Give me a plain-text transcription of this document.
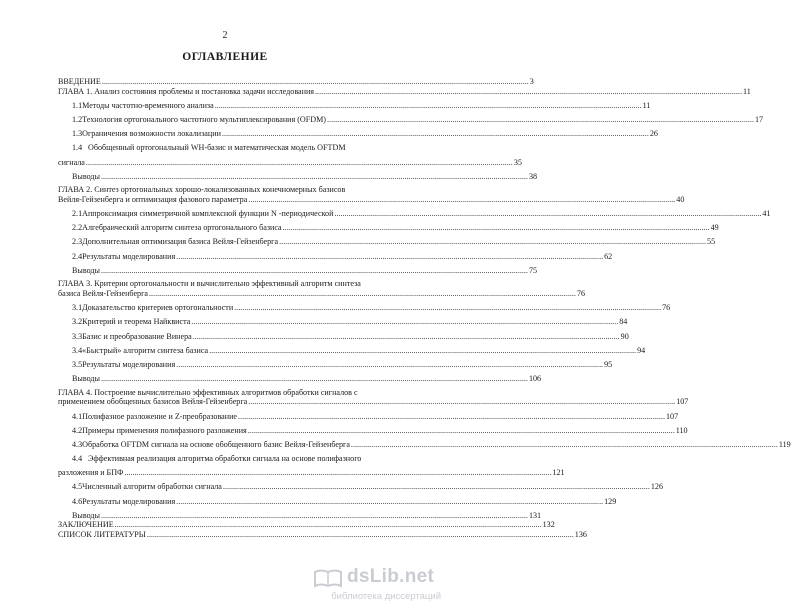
2
ОГЛАВЛЕНИЕ
ВВЕДЕНИЕ .....	3
ГЛАВА 1. Анализ состояния проблемы и постановка задачи исследования .....	11
1.1 Методы частотно-временного анализа .....	11
1.2 Технология ортогонального частотного мультиплексирования (OFDM) .....	17
1.3 Ограничения возможности локализации .....	26
1.4 Обобщенный ортогональный WH-базис и математическая модель OFTDM
сигнала .....	35
Выводы .....	38
ГЛАВА 2. Синтез ортогональных хорошо-локализованных конечномерных базисов
Вейля-Гейзенберга и оптимизация фазового параметра .....	40
2.1 Аппроксимация симметричной комплексной функции N -периодической .....	41
2.2 Алгебраический алгоритм синтеза ортогонального базиса .....	49
2.3 Дополнительная оптимизация базиса Вейля-Гейзенберга .....	55
2.4 Результаты моделирования .....	62
Выводы .....	75
ГЛАВА 3. Критерии ортогональности и вычислительно эффективный алгоритм синтеза
базиса Вейля-Гейзенберга .....	76
3.1 Доказательство критериев ортогональности .....	76
3.2 Критерий и теорема Найквиста .....	84
3.3 Базис и преобразование Винера .....	90
3.4 «Быстрый» алгоритм синтеза базиса .....	94
3.5 Результаты моделирования .....	95
Выводы .....	106
ГЛАВА 4. Построение вычислительно эффективных алгоритмов обработки сигналов с
применением обобщенных базисов Вейля-Гейзенберга .....	107
4.1 Полифазное разложение и Z-преобразование .....	107
4.2 Примеры применения полифазного разложения .....	110
4.3 Обработка OFTDM сигнала на основе обобщенного базис Вейля-Гейзенберга .....	119
4.4 Эффективная реализация алгоритма обработки сигнала на основе полифазного
разложения и БПФ .....	121
4.5 Численный алгоритм обработки сигнала .....	126
4.6 Результаты моделирования .....	129
Выводы .....	131
ЗАКЛЮЧЕНИЕ .....	132
СПИСОК ЛИТЕРАТУРЫ .....	136
dsLib.net
библиотека диссертаций
